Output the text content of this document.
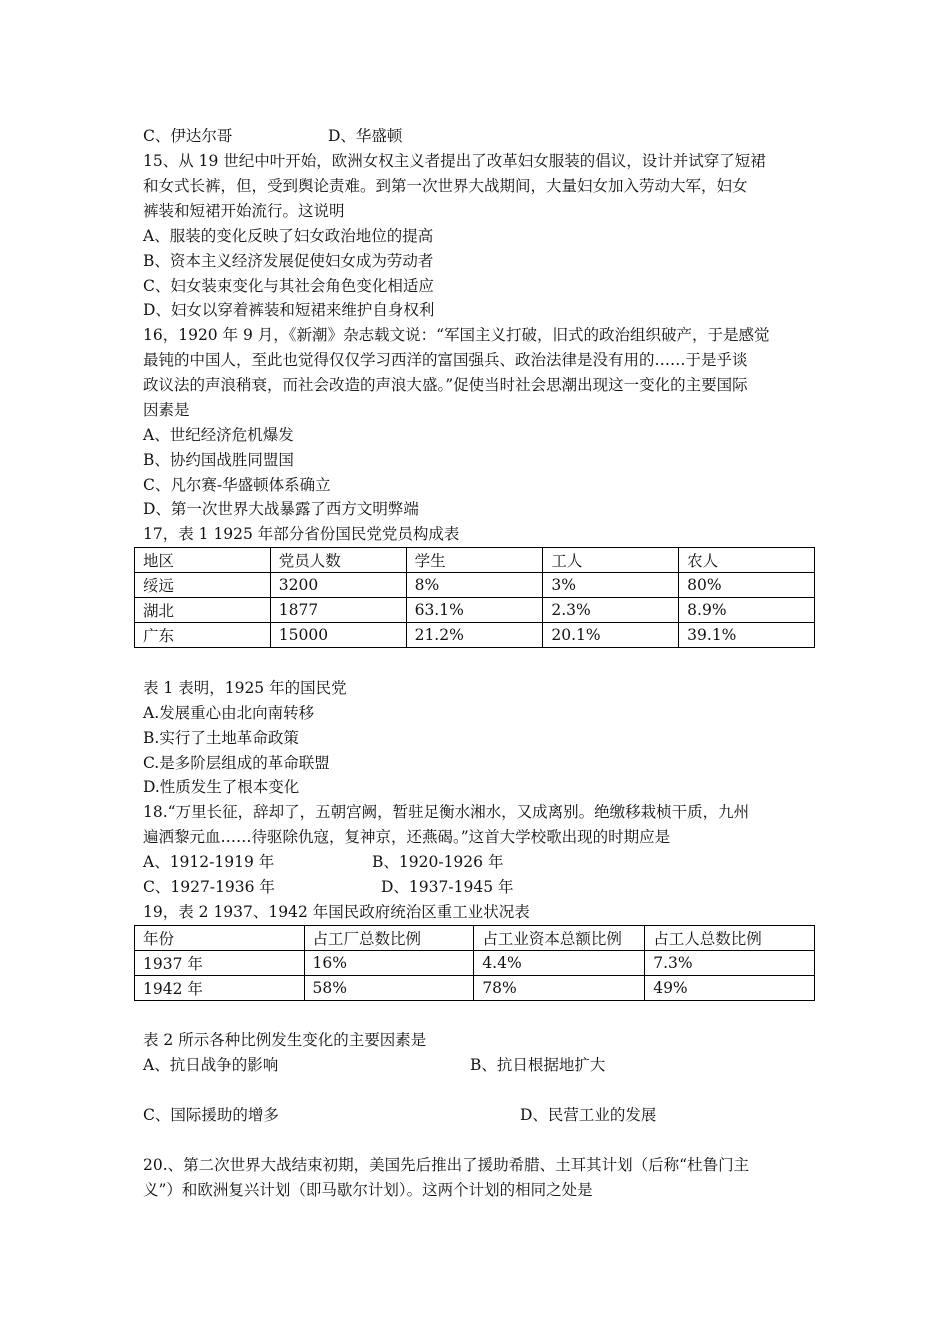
C、伊达尔哥	D、华盛顿
15、从 19 世纪中叶开始，欧洲女权主义者提出了改革妇女服装的倡议，设计并试穿了短裙
和女式长裤，但，受到舆论责难。到第一次世界大战期间，大量妇女加入劳动大军，妇女
裤装和短裙开始流行。这说明
A、服装的变化反映了妇女政治地位的提高
B、资本主义经济发展促使妇女成为劳动者
C、妇女装束变化与其社会角色变化相适应
D、妇女以穿着裤装和短裙来维护自身权利
16，1920 年 9 月，《新潮》杂志载文说：“军国主义打破，旧式的政治组织破产，于是感觉
最钝的中国人，至此也觉得仅仅学习西洋的富国强兵、政治法律是没有用的……于是乎谈
政议法的声浪稍衰，而社会改造的声浪大盛。”促使当时社会思潮出现这一变化的主要国际
因素是
A、世纪经济危机爆发
B、协约国战胜同盟国
C、凡尔赛-华盛顿体系确立
D、第一次世界大战暴露了西方文明弊端
17，表 1 1925 年部分省份国民党党员构成表
地区	党员人数	学生	工人	农人
绥远	3200	8%	3%	80%
湖北	1877	63.1%	2.3%	8.9%
广东	15000	21.2%	20.1%	39.1%
表 1 表明，1925 年的国民党
A.发展重心由北向南转移
B.实行了土地革命政策
C.是多阶层组成的革命联盟
D.性质发生了根本变化
18.“万里长征，辞却了，五朝宫阙，暂驻足衡水湘水，又成离别。绝缴移栽桢干质，九州
遍洒黎元血……待驱除仇寇，复神京，还燕碣。”这首大学校歌出现的时期应是
A、1912-1919 年	B、1920-1926 年
C、1927-1936 年	D、1937-1945 年
19，表 2 1937、1942 年国民政府统治区重工业状况表
年份	占工厂总数比例	占工业资本总额比例	占工人总数比例
1937 年	16%	4.4%	7.3%
1942 年	58%	78%	49%
表 2 所示各种比例发生变化的主要因素是
A、抗日战争的影响	B、抗日根据地扩大
C、国际援助的增多	D、民营工业的发展
20.、第二次世界大战结束初期，美国先后推出了援助希腊、土耳其计划（后称“杜鲁门主
义”）和欧洲复兴计划（即马歇尔计划）。这两个计划的相同之处是
